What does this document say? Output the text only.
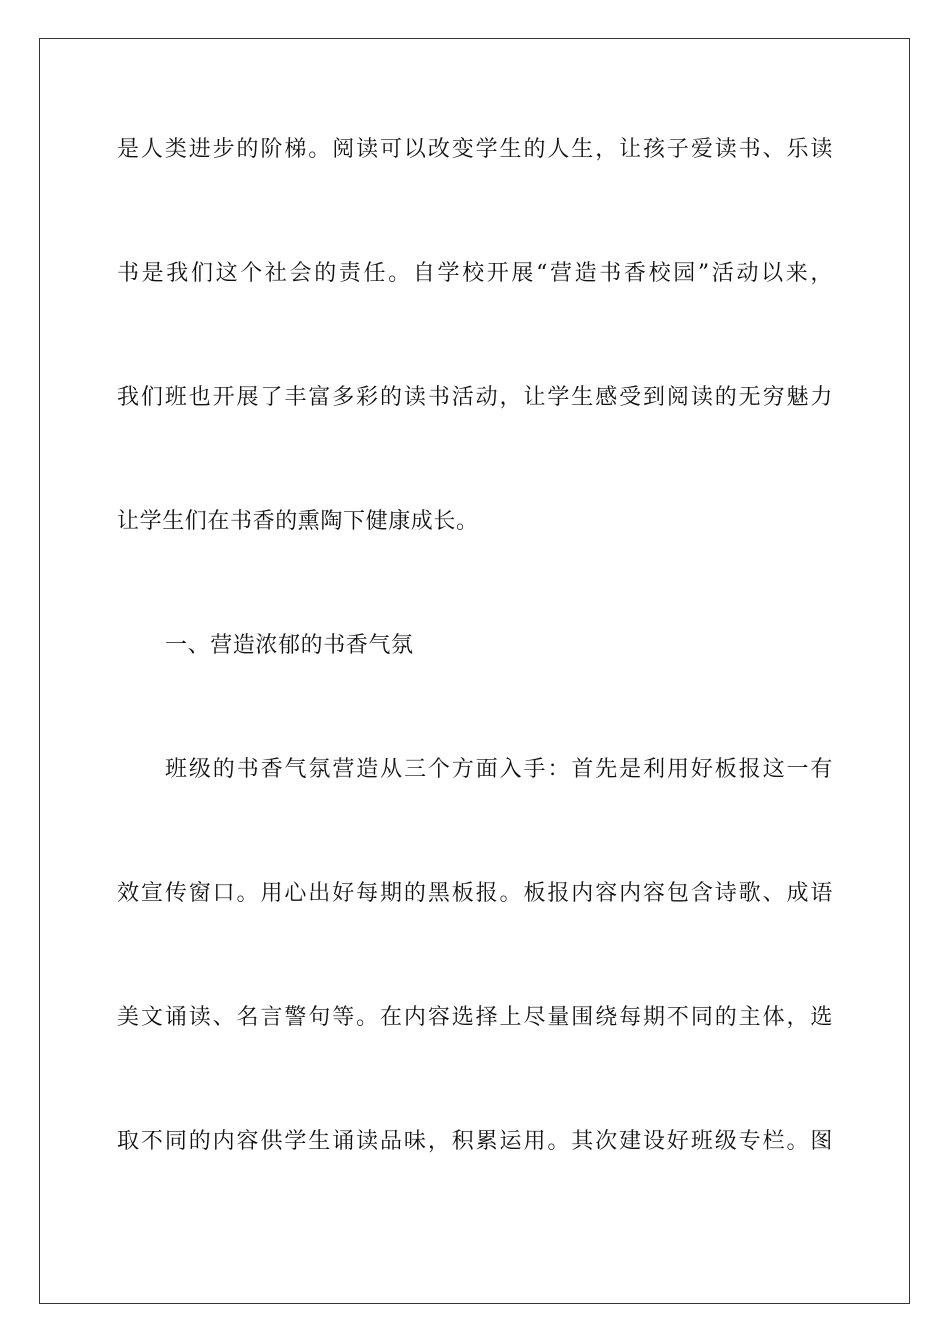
是人类进步的阶梯。阅读可以改变学生的人生，让孩子爱读书、乐读
书是我们这个社会的责任。自学校开展“营造书香校园”活动以来，
我们班也开展了丰富多彩的读书活动，让学生感受到阅读的无穷魅力
让学生们在书香的熏陶下健康成长。
一、营造浓郁的书香气氛
班级的书香气氛营造从三个方面入手：首先是利用好板报这一有
效宣传窗口。用心出好每期的黑板报。板报内容内容包含诗歌、成语
美文诵读、名言警句等。在内容选择上尽量围绕每期不同的主体，选
取不同的内容供学生诵读品味，积累运用。其次建设好班级专栏。图
